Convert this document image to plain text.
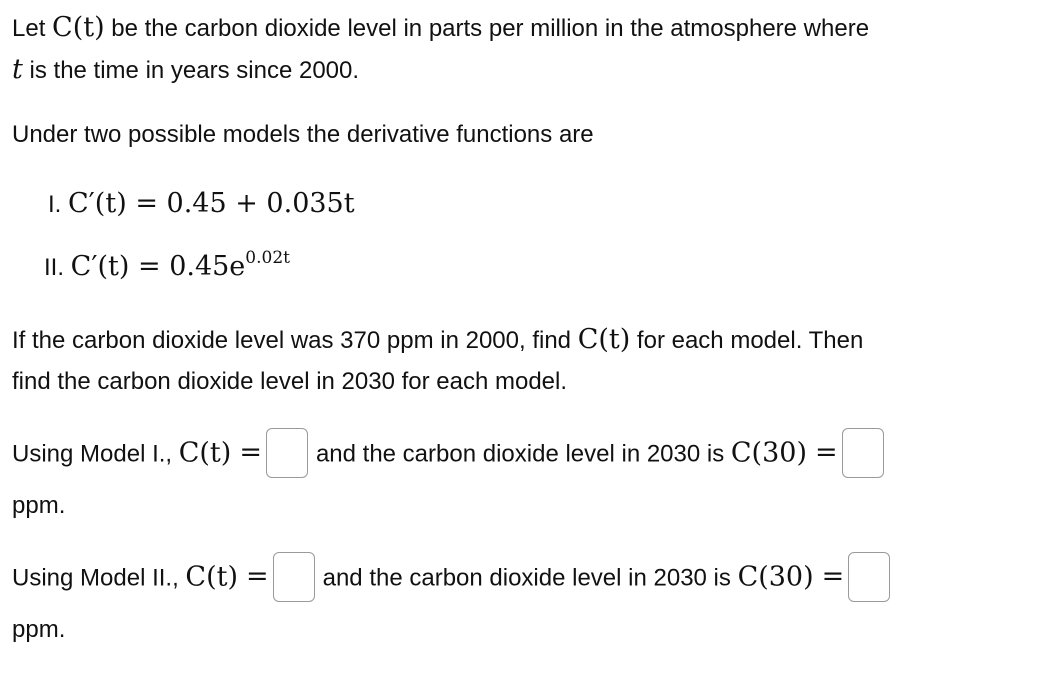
Let C(t) be the carbon dioxide level in parts per million in the atmosphere where
t is the time in years since 2000.
Under two possible models the derivative functions are
I. C′(t) = 0.45 + 0.035t
II. $C'(t) = 0.45e^{0.02t}$
If the carbon dioxide level was 370 ppm in 2000, find C(t) for each model. Then
find the carbon dioxide level in 2030 for each model.
Using Model I., C(t) = and the carbon dioxide level in 2030 is C(30) =
ppm.
Using Model II., C(t) = and the carbon dioxide level in 2030 is C(30) =
ppm.
